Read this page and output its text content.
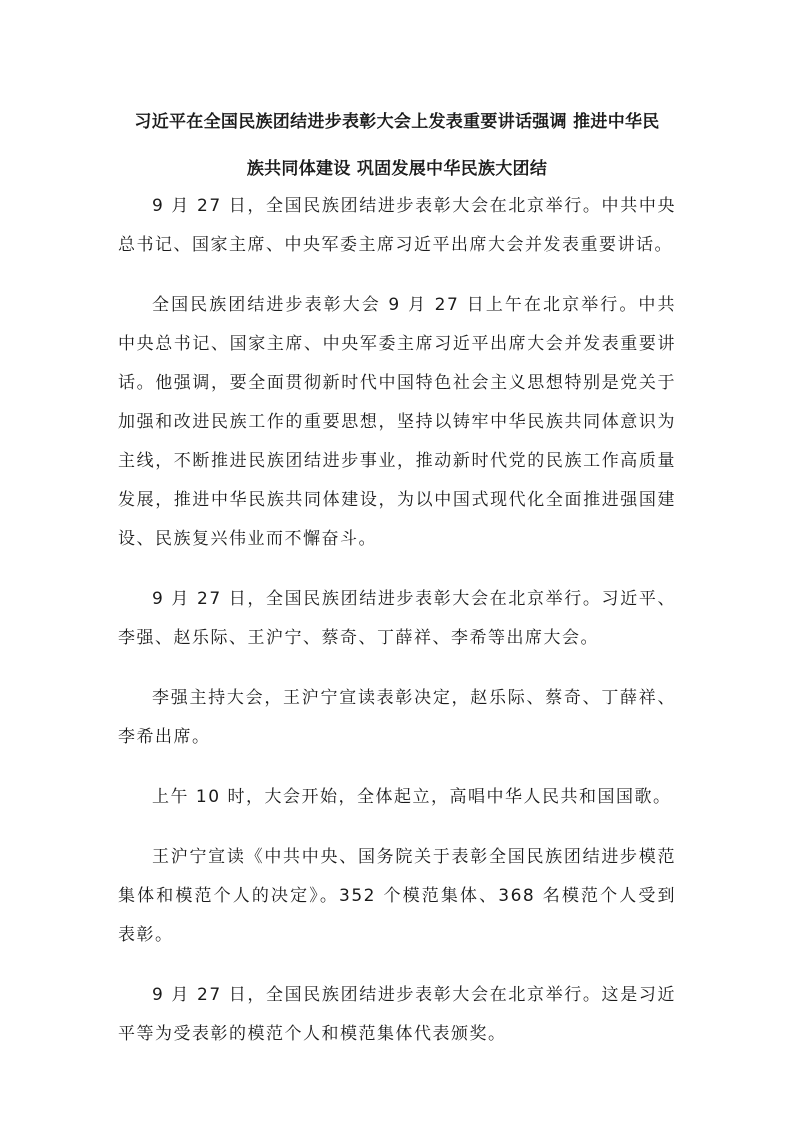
习近平在全国民族团结进步表彰大会上发表重要讲话强调 推进中华民
族共同体建设 巩固发展中华民族大团结

9 月 27 日，全国民族团结进步表彰大会在北京举行。中共中央总书记、国家主席、中央军委主席习近平出席大会并发表重要讲话。

全国民族团结进步表彰大会 9 月 27 日上午在北京举行。中共中央总书记、国家主席、中央军委主席习近平出席大会并发表重要讲话。他强调，要全面贯彻新时代中国特色社会主义思想特别是党关于加强和改进民族工作的重要思想，坚持以铸牢中华民族共同体意识为主线，不断推进民族团结进步事业，推动新时代党的民族工作高质量发展，推进中华民族共同体建设，为以中国式现代化全面推进强国建设、民族复兴伟业而不懈奋斗。

9 月 27 日，全国民族团结进步表彰大会在北京举行。习近平、李强、赵乐际、王沪宁、蔡奇、丁薛祥、李希等出席大会。

李强主持大会，王沪宁宣读表彰决定，赵乐际、蔡奇、丁薛祥、李希出席。

上午 10 时，大会开始，全体起立，高唱中华人民共和国国歌。

王沪宁宣读《中共中央、国务院关于表彰全国民族团结进步模范集体和模范个人的决定》。352 个模范集体、368 名模范个人受到表彰。

9 月 27 日，全国民族团结进步表彰大会在北京举行。这是习近平等为受表彰的模范个人和模范集体代表颁奖。
